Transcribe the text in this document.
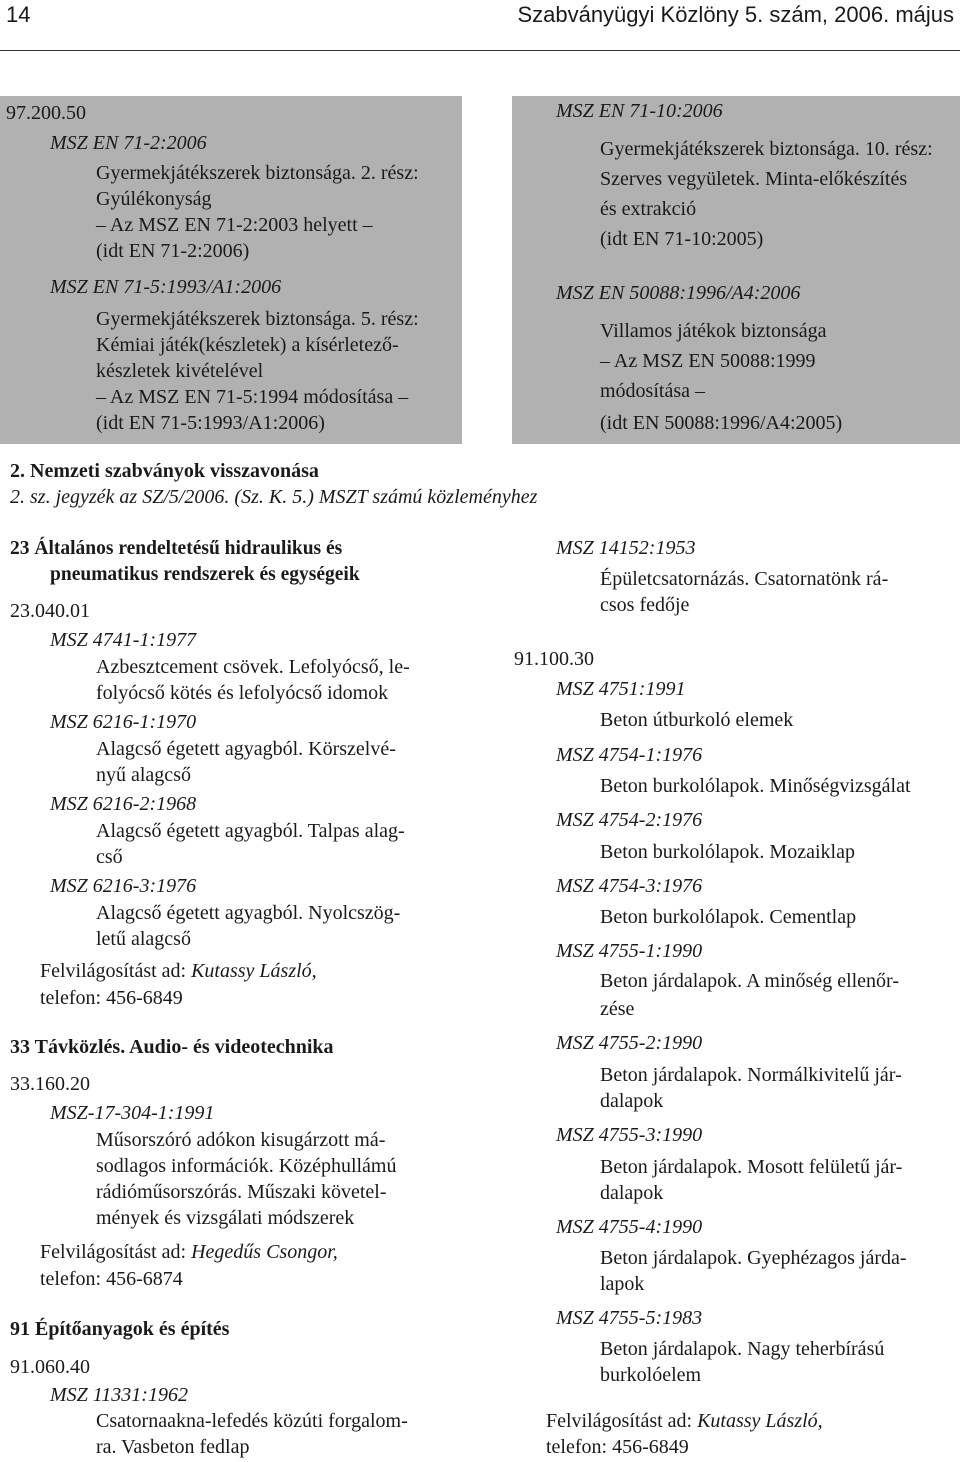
14	Szabványügyi Közlöny 5. szám, 2006. május
97.200.50
MSZ EN 71-2:2006
Gyermekjátékszerek biztonsága. 2. rész:
Gyúlékonyság
– Az MSZ EN 71-2:2003 helyett –
(idt EN 71-2:2006)
MSZ EN 71-5:1993/A1:2006
Gyermekjátékszerek biztonsága. 5. rész:
Kémiai játék(készletek) a kísérletező-
készletek kivételével
– Az MSZ EN 71-5:1994 módosítása –
(idt EN 71-5:1993/A1:2006)
MSZ EN 71-10:2006
Gyermekjátékszerek biztonsága. 10. rész:
Szerves vegyületek. Minta-előkészítés
és extrakció
(idt EN 71-10:2005)
MSZ EN 50088:1996/A4:2006
Villamos játékok biztonsága
– Az MSZ EN 50088:1999
módosítása –
(idt EN 50088:1996/A4:2005)
2. Nemzeti szabványok visszavonása
2. sz. jegyzék az SZ/5/2006. (Sz. K. 5.) MSZT számú közleményhez
23 Általános rendeltetésű hidraulikus és
pneumatikus rendszerek és egységeik
23.040.01
MSZ 4741-1:1977
Azbesztcement csövek. Lefolyócső, le-
folyócső kötés és lefolyócső idomok
MSZ 6216-1:1970
Alagcső égetett agyagból. Körszelvé-
nyű alagcső
MSZ 6216-2:1968
Alagcső égetett agyagból. Talpas alag-
cső
MSZ 6216-3:1976
Alagcső égetett agyagból. Nyolcszög-
letű alagcső
Felvilágosítást ad: Kutassy László,
telefon: 456-6849
33 Távközlés. Audio- és videotechnika
33.160.20
MSZ-17-304-1:1991
Műsorszóró adókon kisugárzott má-
sodlagos információk. Középhullámú
rádióműsorszórás. Műszaki követel-
mények és vizsgálati módszerek
Felvilágosítást ad: Hegedűs Csongor,
telefon: 456-6874
91 Építőanyagok és építés
91.060.40
MSZ 11331:1962
Csatornaakna-lefedés közúti forgalom-
ra. Vasbeton fedlap
MSZ 14152:1953
Épületcsatornázás. Csatornatönk rá-
csos fedője
91.100.30
MSZ 4751:1991
Beton útburkoló elemek
MSZ 4754-1:1976
Beton burkolólapok. Minőségvizsgálat
MSZ 4754-2:1976
Beton burkolólapok. Mozaiklap
MSZ 4754-3:1976
Beton burkolólapok. Cementlap
MSZ 4755-1:1990
Beton járdalapok. A minőség ellenőr-
zése
MSZ 4755-2:1990
Beton járdalapok. Normálkivitelű jár-
dalapok
MSZ 4755-3:1990
Beton járdalapok. Mosott felületű jár-
dalapok
MSZ 4755-4:1990
Beton járdalapok. Gyephézagos járda-
lapok
MSZ 4755-5:1983
Beton járdalapok. Nagy teherbírású
burkolóelem
Felvilágosítást ad: Kutassy László,
telefon: 456-6849
